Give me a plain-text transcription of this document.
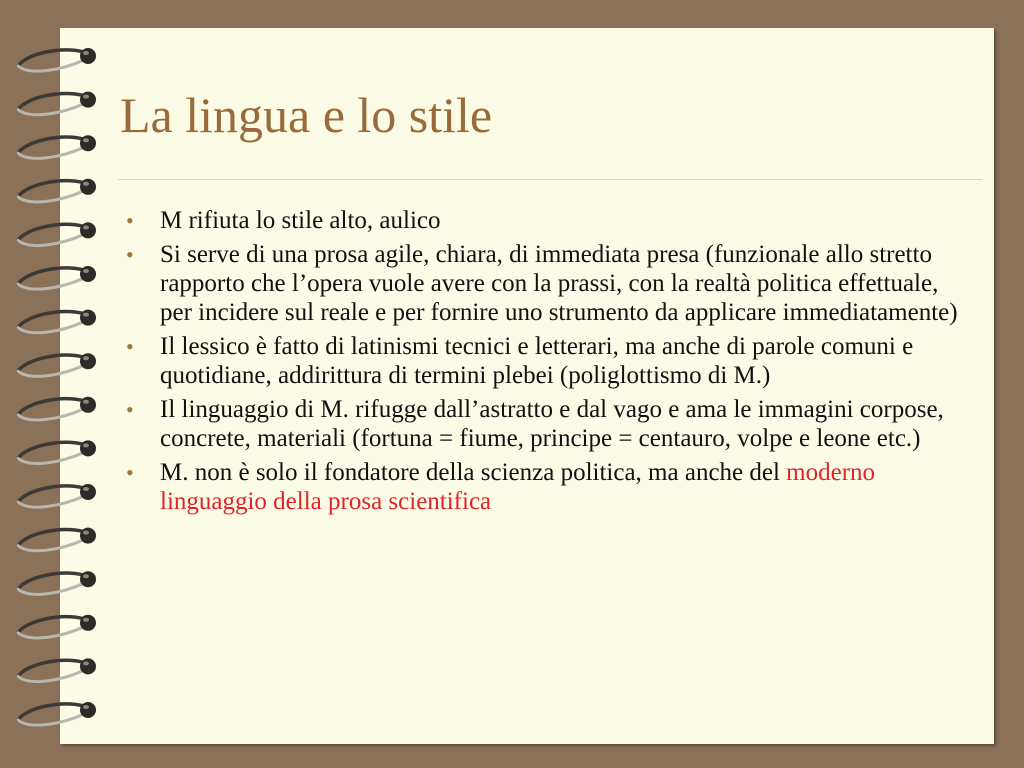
La lingua e lo stile
• M rifiuta lo stile alto, aulico
• Si serve di una prosa agile, chiara, di immediata presa (funzionale allo stretto rapporto che l’opera vuole avere con la prassi, con la realtà politica effettuale, per incidere sul reale e per fornire uno strumento da applicare immediatamente)
• Il lessico è fatto di latinismi tecnici e letterari, ma anche di parole comuni e quotidiane, addirittura di termini plebei (poliglottismo di M.)
• Il linguaggio di M. rifugge dall’astratto e dal vago e ama le immagini corpose, concrete, materiali (fortuna = fiume, principe = centauro, volpe e leone etc.)
• M. non è solo il fondatore della scienza politica, ma anche del moderno linguaggio della prosa scientifica
